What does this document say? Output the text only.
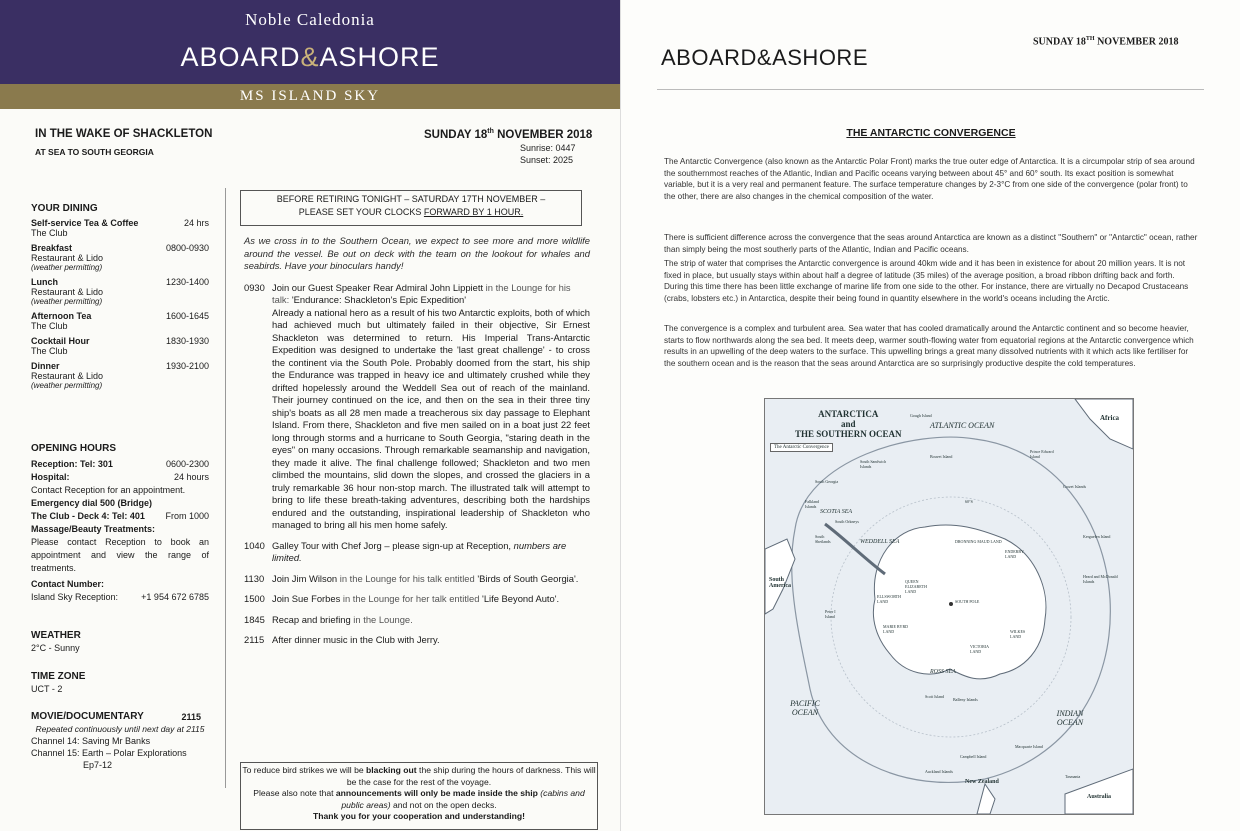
Noble Caledonia
ABOARD&ASHORE
MS ISLAND SKY
IN THE WAKE OF SHACKLETON
AT SEA TO SOUTH GEORGIA
SUNDAY 18th NOVEMBER 2018
Sunrise: 0447
Sunset: 2025
YOUR DINING
Self-service Tea & Coffee	24 hrs
The Club
Breakfast	0800-0930
Restaurant & Lido
(weather permitting)
Lunch	1230-1400
Restaurant & Lido
(weather permitting)
Afternoon Tea	1600-1645
The Club
Cocktail Hour	1830-1930
The Club
Dinner	1930-2100
Restaurant & Lido
(weather permitting)
OPENING HOURS
Reception: Tel: 301	0600-2300
Hospital:	24 hours
Contact Reception for an appointment.
Emergency dial 500 (Bridge)
The Club - Deck 4: Tel: 401 From 1000
Massage/Beauty Treatments:
Please contact Reception to book an appointment and view the range of treatments.
Contact Number:
Island Sky Reception:	+1 954 672 6785
WEATHER
2°C - Sunny
TIME ZONE
UCT - 2
MOVIE/DOCUMENTARY	2115
Repeated continuously until next day at 2115
Channel 14: Saving Mr Banks
Channel 15: Earth – Polar Explorations
Ep7-12
BEFORE RETIRING TONIGHT – SATURDAY 17TH NOVEMBER –
PLEASE SET YOUR CLOCKS FORWARD BY 1 HOUR.
As we cross in to the Southern Ocean, we expect to see more and more wildlife around the vessel. Be out on deck with the team on the lookout for whales and seabirds. Have your binoculars handy!
0930 Join our Guest Speaker Rear Admiral John Lippiett in the Lounge for his talk: 'Endurance: Shackleton's Epic Expedition'
Already a national hero as a result of his two Antarctic exploits, both of which had achieved much but ultimately failed in their objective, Sir Ernest Shackleton was determined to return. His Imperial Trans-Antarctic Expedition was designed to undertake the 'last great challenge' - to cross the continent via the South Pole. Probably doomed from the start, his ship the Endurance was trapped in heavy ice and ultimately crushed while they drifted hopelessly around the Weddell Sea out of reach of the mainland. Their journey continued on the ice, and then on the sea in their three tiny ship's boats as all 28 men made a treacherous six day passage to Elephant Island. From there, Shackleton and five men sailed on in a boat just 22 feet long through storms and a hurricane to South Georgia, "staring death in the eyes" on many occasions. Through remarkable seamanship and navigation, they made it alive. The final challenge followed; Shackleton and two men climbed the mountains, slid down the slopes, and crossed the glaciers in a truly remarkable 36 hour non-stop march. The illustrated talk will attempt to bring to life these breath-taking adventures, describing both the hardships endured and the outstanding, inspirational leadership of Shackleton who managed to bring all his men home safely.
1040 Galley Tour with Chef Jorg – please sign-up at Reception, numbers are limited.
1130 Join Jim Wilson in the Lounge for his talk entitled 'Birds of South Georgia'.
1500 Join Sue Forbes in the Lounge for her talk entitled 'Life Beyond Auto'.
1845 Recap and briefing in the Lounge.
2115 After dinner music in the Club with Jerry.
To reduce bird strikes we will be blacking out the ship during the hours of darkness. This will be the case for the rest of the voyage.
Please also note that announcements will only be made inside the ship (cabins and public areas) and not on the open decks.
Thank you for your cooperation and understanding!
ABOARD&ASHORE
SUNDAY 18TH NOVEMBER 2018
THE ANTARCTIC CONVERGENCE
The Antarctic Convergence (also known as the Antarctic Polar Front) marks the true outer edge of Antarctica. It is a circumpolar strip of sea around the southernmost reaches of the Atlantic, Indian and Pacific oceans varying between about 45° and 60° south. Its exact position is somewhat variable, but it is a very real and permanent feature. The surface temperature changes by 2-3°C from one side of the convergence (polar front) to the other, there are also changes in the chemical composition of the water.
There is sufficient difference across the convergence that the seas around Antarctica are known as a distinct "Southern" or "Antarctic" ocean, rather than simply being the most southerly parts of the Atlantic, Indian and Pacific oceans.
The strip of water that comprises the Antarctic convergence is around 40km wide and it has been in existence for about 20 million years. It is not fixed in place, but usually stays within about half a degree of latitude (35 miles) of the average position, a broad ribbon drifting back and forth. During this time there has been little exchange of marine life from one side to the other. For instance, there are virtually no Decapod Crustaceans (crabs, lobsters etc.) in Antarctica, despite their being found in quantity elsewhere in the world's oceans including the Arctic.
The convergence is a complex and turbulent area. Sea water that has cooled dramatically around the Antarctic continent and so become heavier, starts to flow northwards along the sea bed. It meets deep, warmer south-flowing water from equatorial regions at the Antarctic convergence which results in an upwelling of the deep waters to the surface. This upwelling brings a great many dissolved nutrients with it which acts like fertiliser for the southern ocean and is the reason that the seas around Antarctica are so surprisingly productive despite the cold temperatures.
ANTARCTICA
and
THE SOUTHERN OCEAN
The Antarctic Convergence
ATLANTIC OCEAN
Africa
SCOTIA SEA
WEDDELL SEA
South America
PACIFIC OCEAN	INDIAN OCEAN
ROSS SEA
Australia
New Zealand
Falkland Islands
South Georgia
South Sandwich Islands
Bouvet Island
Prince Edward Island
Crozet Islands
Kerguelen Island
Heard and McDonald Islands
Peter I Island
Scott Island
Balleny Islands
Macquarie Island
Campbell Island
Auckland Islands
Tasmania
Gough Island
South Orkneys
South Shetlands	DRONNING MAUD LAND
ENDERBY LAND
WILKES LAND
QUEEN ELIZABETH LAND
ELLSWORTH LAND
MARIE BYRD LAND
VICTORIA LAND
SOUTH POLE
60°S
